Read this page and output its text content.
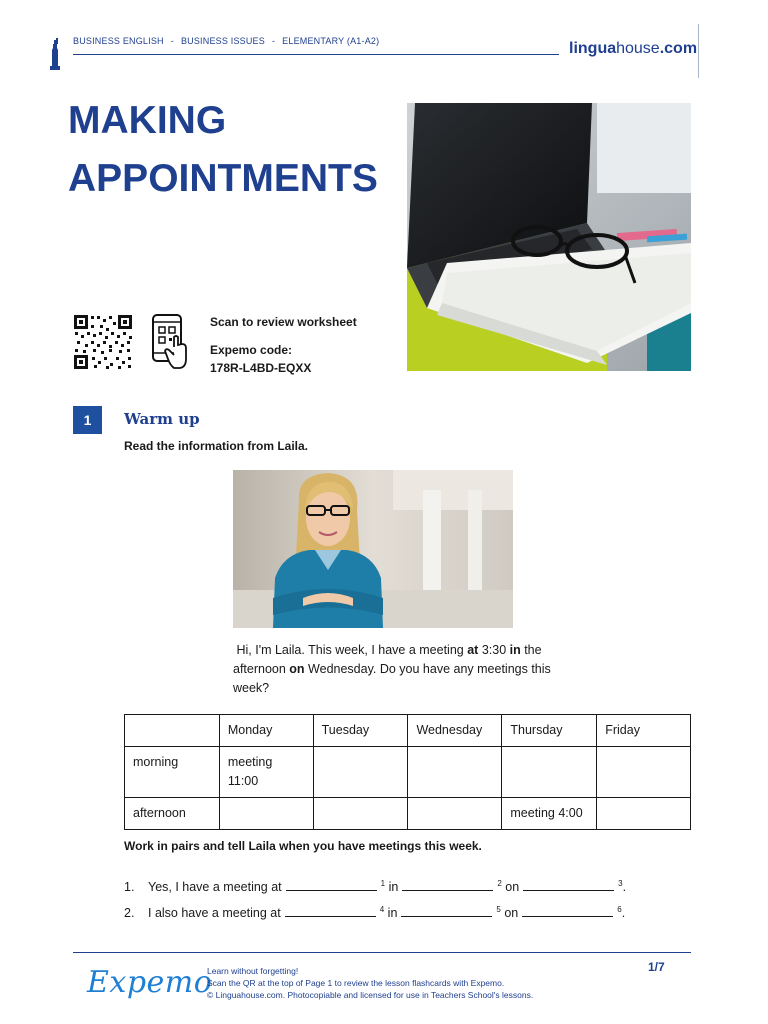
BUSINESS ENGLISH - BUSINESS ISSUES - ELEMENTARY (A1-A2)	linguahouse.com
MAKING
APPOINTMENTS
Scan to review worksheet
Expemo code:
178R-L4BD-EQXX
1	Warm up
Read the information from Laila.
Hi, I'm Laila. This week, I have a meeting at 3:30 in the afternoon on Wednesday. Do you have any meetings this week?
	Monday	Tuesday	Wednesday	Thursday	Friday
morning	meeting
11:00				
afternoon				meeting 4:00	
Work in pairs and tell Laila when you have meetings this week.
1. Yes, I have a meeting at	$^1$ in	$^2$ on	$^3$.
2. I also have a meeting at	$^4$ in	$^5$ on	$^6$.
Expemo
Learn without forgetting!
Scan the QR at the top of Page 1 to review the lesson flashcards with Expemo.
© Linguahouse.com. Photocopiable and licensed for use in Teachers School's lessons.
1/7
